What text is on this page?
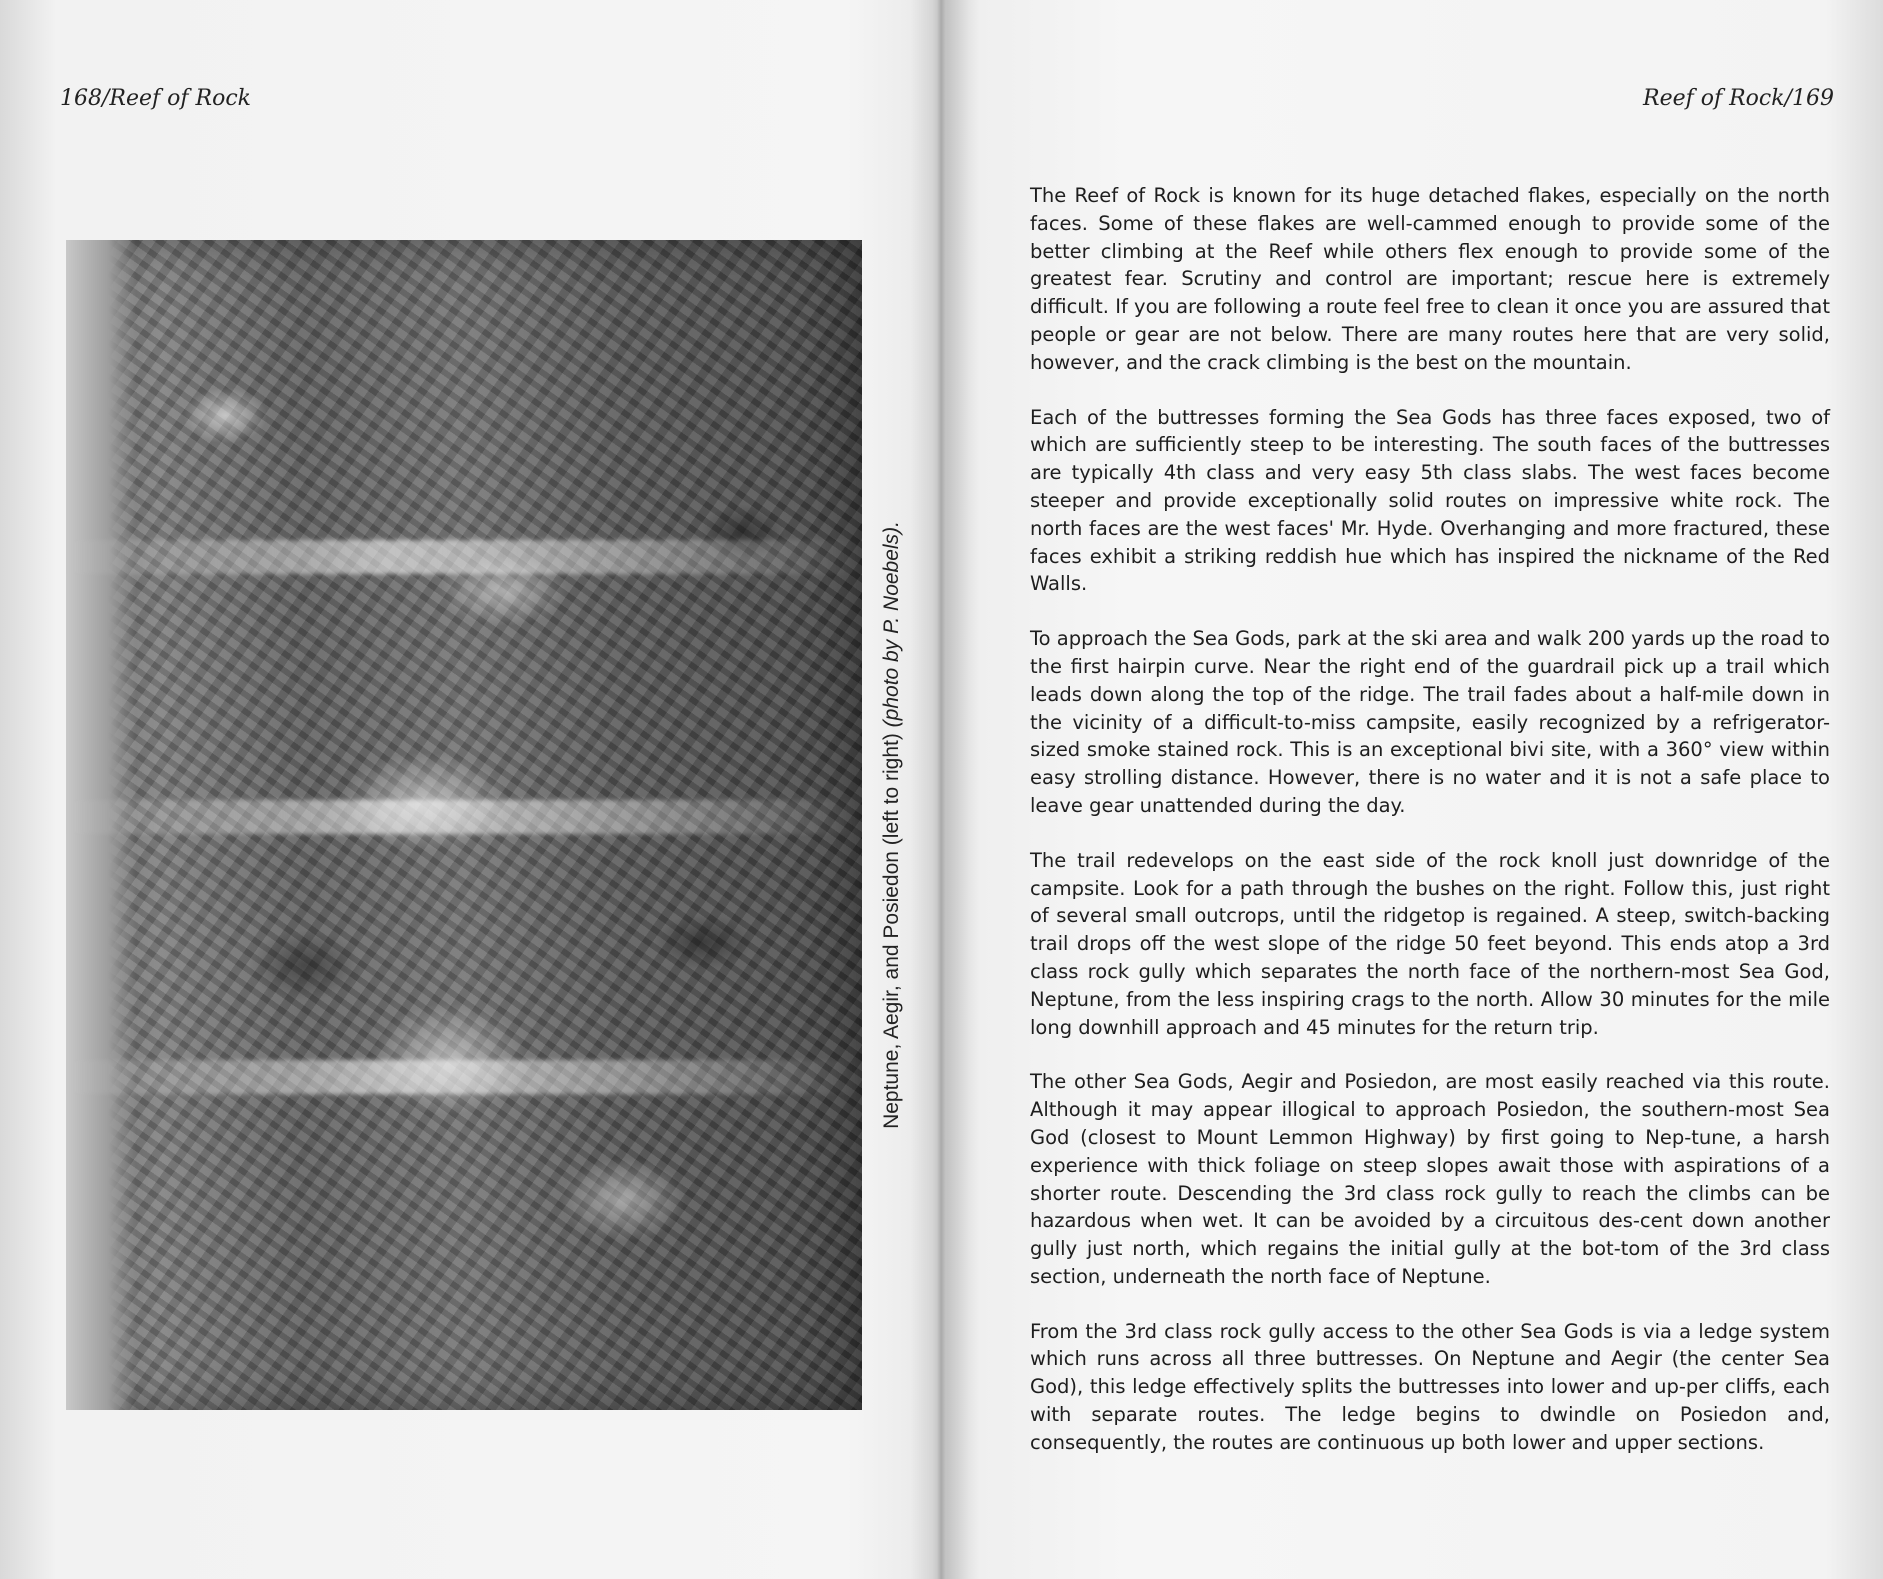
168/Reef of Rock
Neptune, Aegir, and Posiedon (left to right) (photo by P. Noebels).
Reef of Rock/169

The Reef of Rock is known for its huge detached flakes, especially on the north faces. Some of these flakes are well-cammed enough to provide some of the better climbing at the Reef while others flex enough to provide some of the greatest fear. Scrutiny and control are important; rescue here is extremely difficult. If you are following a route feel free to clean it once you are assured that people or gear are not below. There are many routes here that are very solid, however, and the crack climbing is the best on the mountain.

Each of the buttresses forming the Sea Gods has three faces exposed, two of which are sufficiently steep to be interesting. The south faces of the buttresses are typically 4th class and very easy 5th class slabs. The west faces become steeper and provide exceptionally solid routes on impressive white rock. The north faces are the west faces' Mr. Hyde. Overhanging and more fractured, these faces exhibit a striking reddish hue which has inspired the nickname of the Red Walls.

To approach the Sea Gods, park at the ski area and walk 200 yards up the road to the first hairpin curve. Near the right end of the guardrail pick up a trail which leads down along the top of the ridge. The trail fades about a half-mile down in the vicinity of a difficult-to-miss campsite, easily recognized by a refrigerator-sized smoke stained rock. This is an exceptional bivi site, with a 360° view within easy strolling distance. However, there is no water and it is not a safe place to leave gear unattended during the day.

The trail redevelops on the east side of the rock knoll just downridge of the campsite. Look for a path through the bushes on the right. Follow this, just right of several small outcrops, until the ridgetop is regained. A steep, switch-backing trail drops off the west slope of the ridge 50 feet beyond. This ends atop a 3rd class rock gully which separates the north face of the northern-most Sea God, Neptune, from the less inspiring crags to the north. Allow 30 minutes for the mile long downhill approach and 45 minutes for the return trip.

The other Sea Gods, Aegir and Posiedon, are most easily reached via this route. Although it may appear illogical to approach Posiedon, the southern-most Sea God (closest to Mount Lemmon Highway) by first going to Nep-tune, a harsh experience with thick foliage on steep slopes await those with aspirations of a shorter route. Descending the 3rd class rock gully to reach the climbs can be hazardous when wet. It can be avoided by a circuitous des-cent down another gully just north, which regains the initial gully at the bot-tom of the 3rd class section, underneath the north face of Neptune.

From the 3rd class rock gully access to the other Sea Gods is via a ledge system which runs across all three buttresses. On Neptune and Aegir (the center Sea God), this ledge effectively splits the buttresses into lower and up-per cliffs, each with separate routes. The ledge begins to dwindle on Posiedon and, consequently, the routes are continuous up both lower and upper sections.
